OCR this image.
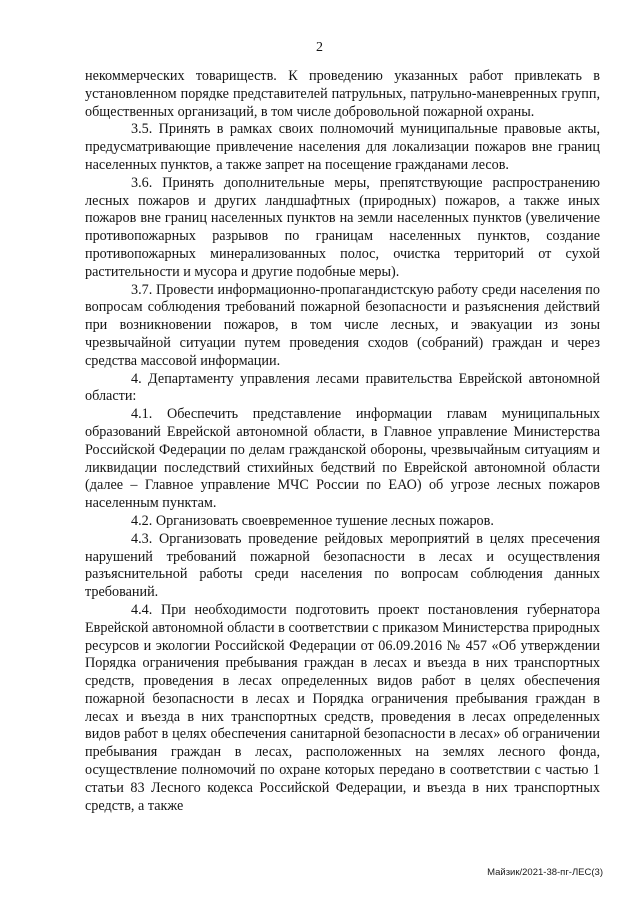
2

некоммерческих товариществ. К проведению указанных работ привлекать в установленном порядке представителей патрульных, патрульно-маневренных групп, общественных организаций, в том числе добровольной пожарной охраны.

3.5. Принять в рамках своих полномочий муниципальные правовые акты, предусматривающие привлечение населения для локализации пожаров вне границ населенных пунктов, а также запрет на посещение гражданами лесов.

3.6. Принять дополнительные меры, препятствующие распространению лесных пожаров и других ландшафтных (природных) пожаров, а также иных пожаров вне границ населенных пунктов на земли населенных пунктов (увеличение противопожарных разрывов по границам населенных пунктов, создание противопожарных минерализованных полос, очистка территорий от сухой растительности и мусора и другие подобные меры).

3.7. Провести информационно-пропагандистскую работу среди населения по вопросам соблюдения требований пожарной безопасности и разъяснения действий при возникновении пожаров, в том числе лесных, и эвакуации из зоны чрезвычайной ситуации путем проведения сходов (собраний) граждан и через средства массовой информации.

4. Департаменту управления лесами правительства Еврейской автономной области:

4.1. Обеспечить представление информации главам муниципальных образований Еврейской автономной области, в Главное управление Министерства Российской Федерации по делам гражданской обороны, чрезвычайным ситуациям и ликвидации последствий стихийных бедствий по Еврейской автономной области (далее – Главное управление МЧС России по ЕАО) об угрозе лесных пожаров населенным пунктам.

4.2. Организовать своевременное тушение лесных пожаров.

4.3. Организовать проведение рейдовых мероприятий в целях пресечения нарушений требований пожарной безопасности в лесах и осуществления разъяснительной работы среди населения по вопросам соблюдения данных требований.

4.4. При необходимости подготовить проект постановления губернатора Еврейской автономной области в соответствии с приказом Министерства природных ресурсов и экологии Российской Федерации от 06.09.2016 № 457 «Об утверждении Порядка ограничения пребывания граждан в лесах и въезда в них транспортных средств, проведения в лесах определенных видов работ в целях обеспечения пожарной безопасности в лесах и Порядка ограничения пребывания граждан в лесах и въезда в них транспортных средств, проведения в лесах определенных видов работ в целях обеспечения санитарной безопасности в лесах» об ограничении пребывания граждан в лесах, расположенных на землях лесного фонда, осуществление полномочий по охране которых передано в соответствии с частью 1 статьи 83 Лесного кодекса Российской Федерации, и въезда в них транспортных средств, а также

Майзик/2021-38-пг-ЛЕС(3)
